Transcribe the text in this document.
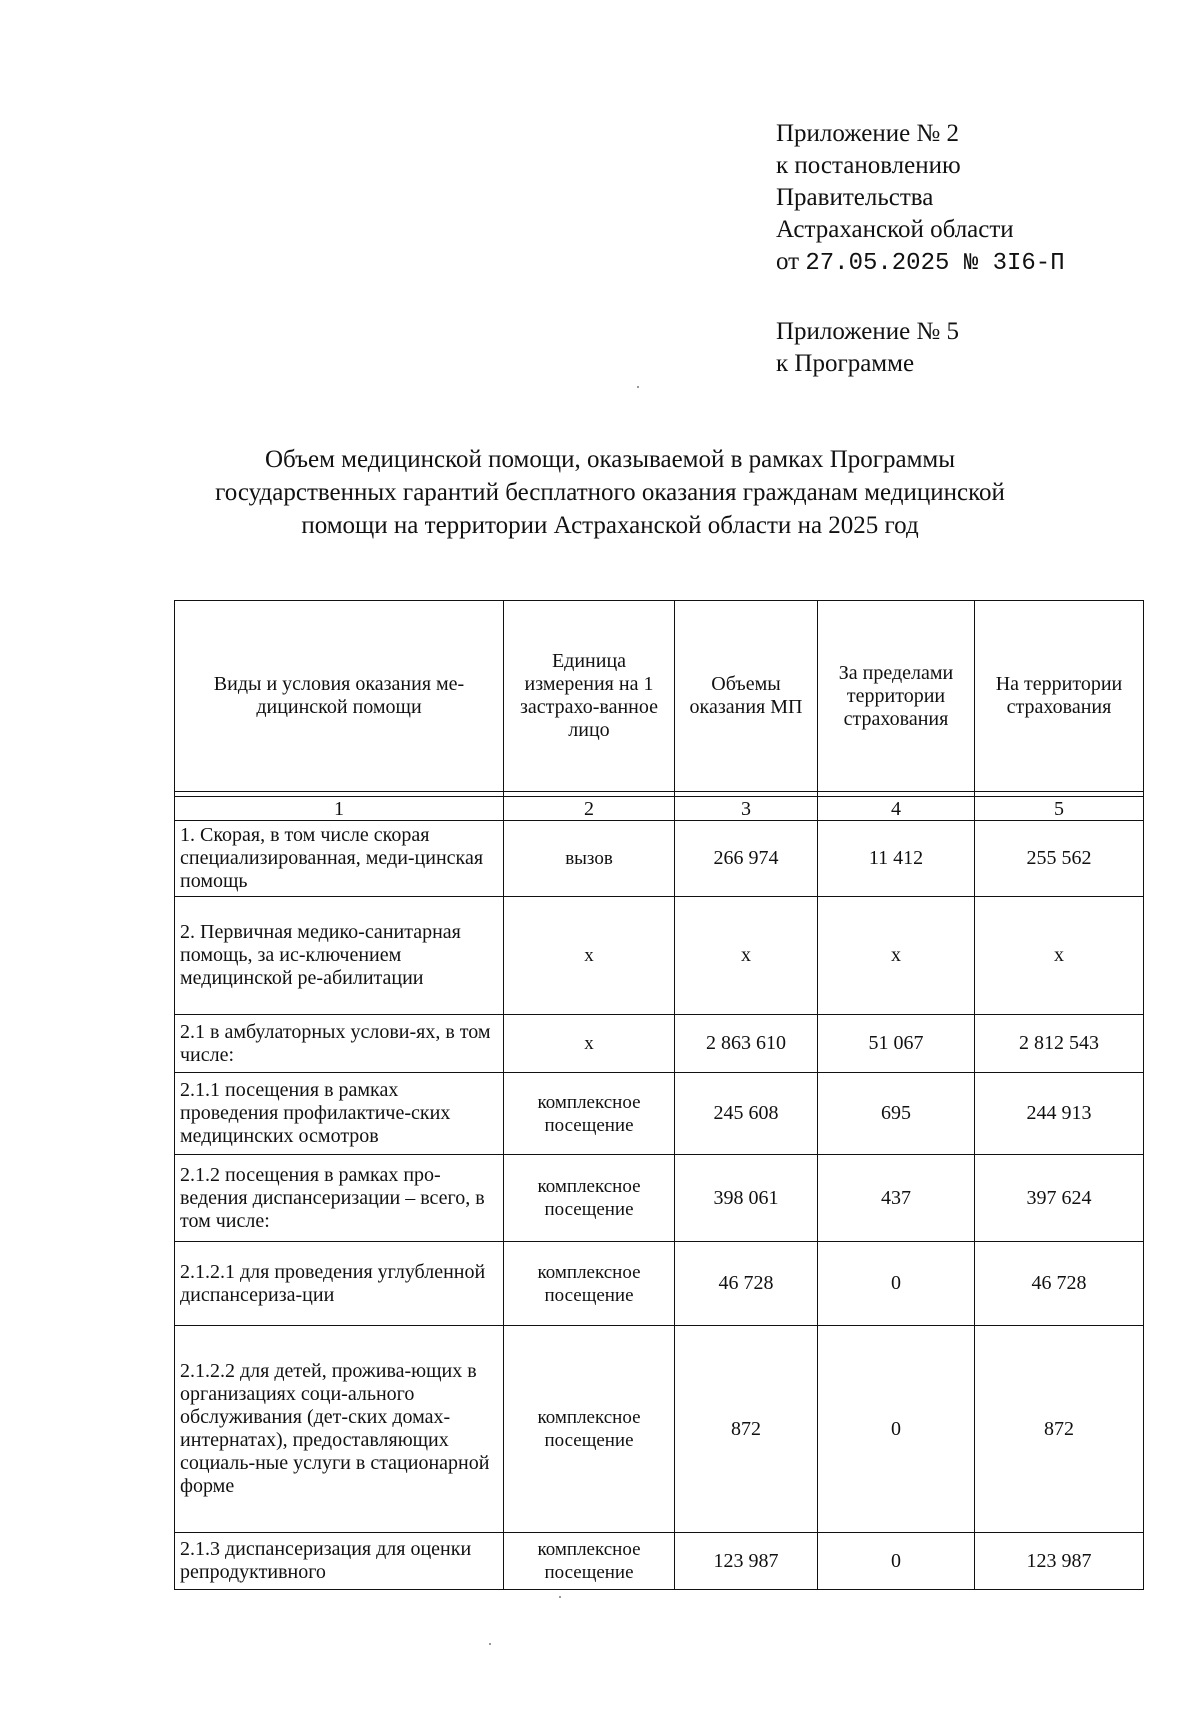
Приложение № 2
к постановлению
Правительства
Астраханской области
от 27.05.2025 № 3I6-П
Приложение № 5
к Программе
Объем медицинской помощи, оказываемой в рамках Программы
государственных гарантий бесплатного оказания гражданам медицинской
помощи на территории Астраханской области на 2025 год
Виды и условия оказания ме-дицинской помощи	Единица измерения на 1 застрахо-ванное лицо	Объемы оказания МП	За пределами территории страхования	На территории страхования

1	2	3	4	5
1. Скорая, в том числе скорая специализированная, меди-цинская помощь	вызов	266 974	11 412	255 562
2. Первичная медико-санитарная помощь, за ис-ключением медицинской ре-абилитации	х	х	х	х
2.1 в амбулаторных услови-ях, в том числе:	х	2 863 610	51 067	2 812 543
2.1.1 посещения в рамках проведения профилактиче-ских медицинских осмотров	комплексное посещение	245 608	695	244 913
2.1.2 посещения в рамках про-ведения диспансеризации – всего, в том числе:	комплексное посещение	398 061	437	397 624
2.1.2.1 для проведения углубленной диспансериза-ции	комплексное посещение	46 728	0	46 728
2.1.2.2 для детей, прожива-ющих в организациях соци-ального обслуживания (дет-ских домах-интернатах), предоставляющих социаль-ные услуги в стационарной форме	комплексное посещение	872	0	872
2.1.3 диспансеризация для оценки репродуктивного	комплексное посещение	123 987	0	123 987
